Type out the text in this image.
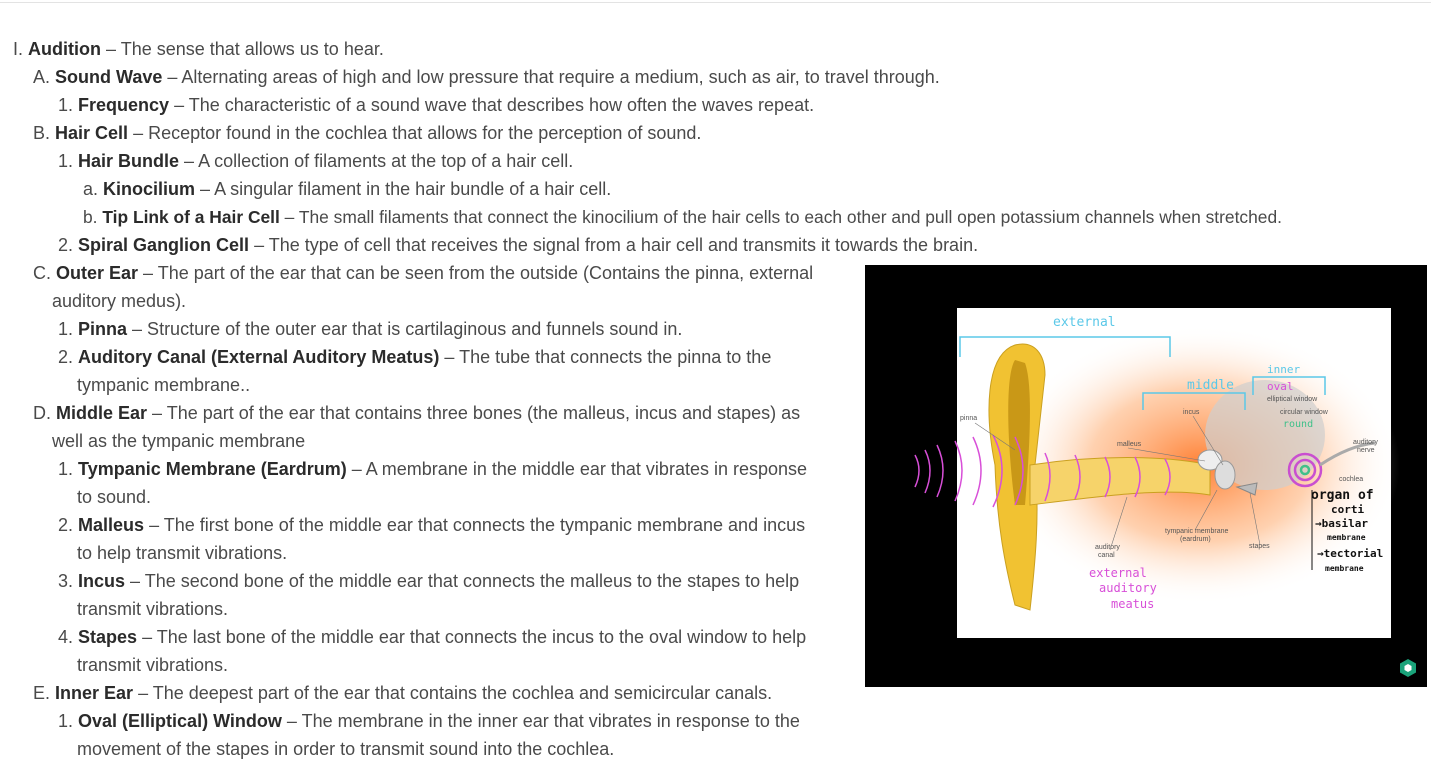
I. Audition – The sense that allows us to hear.
A. Sound Wave – Alternating areas of high and low pressure that require a medium, such as air, to travel through.
1. Frequency – The characteristic of a sound wave that describes how often the waves repeat.
B. Hair Cell – Receptor found in the cochlea that allows for the perception of sound.
1. Hair Bundle – A collection of filaments at the top of a hair cell.
a. Kinocilium – A singular filament in the hair bundle of a hair cell.
b. Tip Link of a Hair Cell – The small filaments that connect the kinocilium of the hair cells to each other and pull open potassium channels when stretched.
2. Spiral Ganglion Cell – The type of cell that receives the signal from a hair cell and transmits it towards the brain.
C. Outer Ear – The part of the ear that can be seen from the outside (Contains the pinna, external
auditory medus).
1. Pinna – Structure of the outer ear that is cartilaginous and funnels sound in.
2. Auditory Canal (External Auditory Meatus) – The tube that connects the pinna to the
tympanic membrane..
D. Middle Ear – The part of the ear that contains three bones (the malleus, incus and stapes) as
well as the tympanic membrane
1. Tympanic Membrane (Eardrum) – A membrane in the middle ear that vibrates in response
to sound.
2. Malleus – The first bone of the middle ear that connects the tympanic membrane and incus
to help transmit vibrations.
3. Incus – The second bone of the middle ear that connects the malleus to the stapes to help
transmit vibrations.
4. Stapes – The last bone of the middle ear that connects the incus to the oval window to help
transmit vibrations.
E. Inner Ear – The deepest part of the ear that contains the cochlea and semicircular canals.
1. Oval (Elliptical) Window – The membrane in the inner ear that vibrates in response to the
movement of the stapes in order to transmit sound into the cochlea.
external
middle
inner
oval
round
external
auditory
meatus
organ of
corti
→basilar
membrane
→tectorial
membrane
pinna
malleus
incus
stapes
elliptical window
circular window
auditory
nerve
cochlea
tympanic membrane
(eardrum)
auditory
canal
